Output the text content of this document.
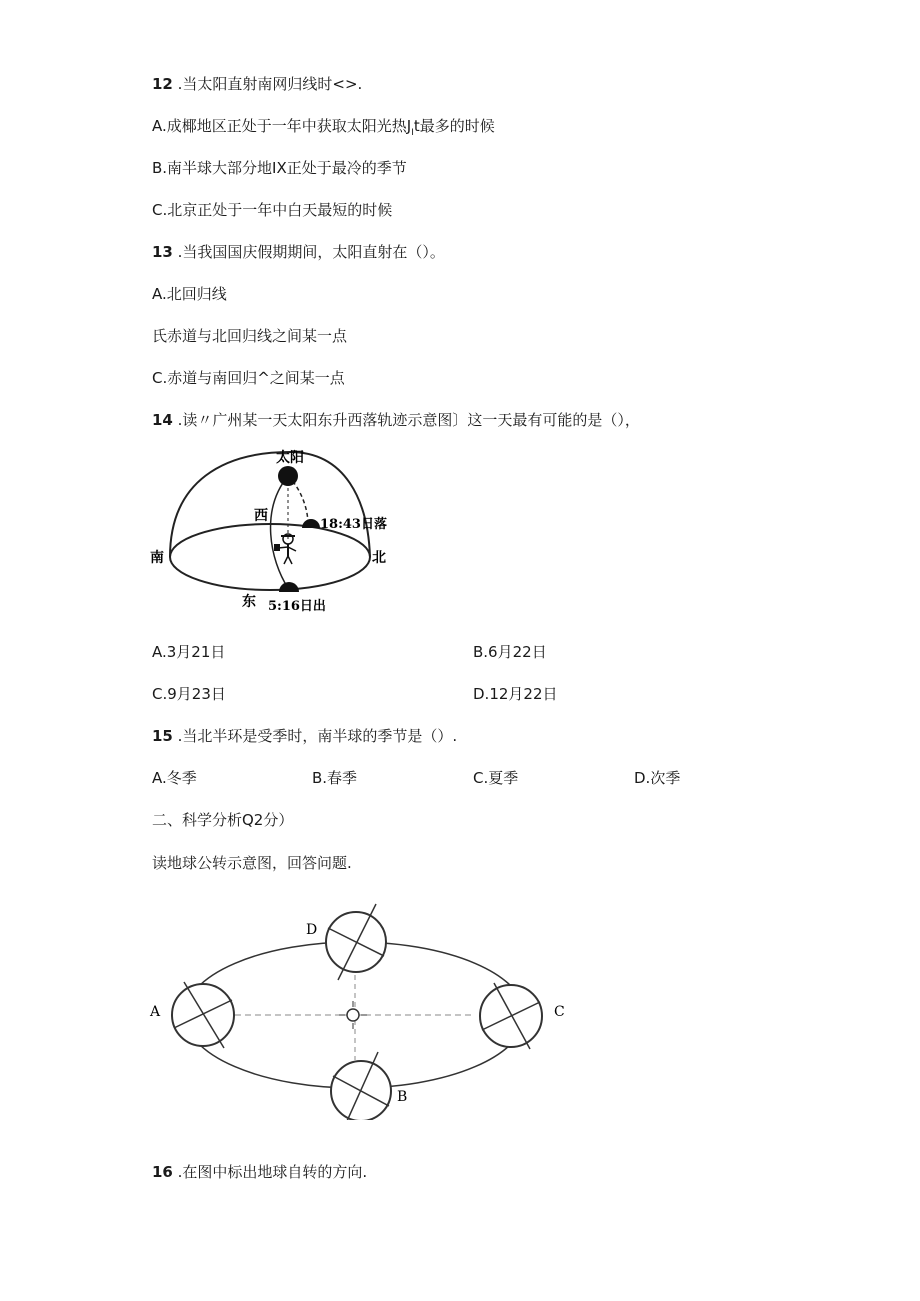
12 .当太阳直射南网归线时<>.
A.成椰地区正处于一年中获取太阳光热$J_It$最多的时候
B.南半球大部分地IX正处于最冷的季节
C.北京正处于一年中白天最短的时候
13 .当我国国庆假期期间，太阳直射在（）。
A.北回归线
氏赤道与北回归线之间某一点
C.赤道与南回归^之间某一点
14 .读〃广州某一天太阳东升西落轨迹示意图〕这一天最有可能的是（），
太阳
西
南	北
东
18:43日落
5:16日出
A.3月21日	B.6月22日
C.9月23日	D.12月22日
15 .当北半环是受季时，南半球的季节是（）.
A.冬季	B.春季	C.夏季	D.次季
二、科学分析Q2分）
读地球公转示意图，回答问题.
A
D
C
B
16 .在图中标出地球自转的方向.
